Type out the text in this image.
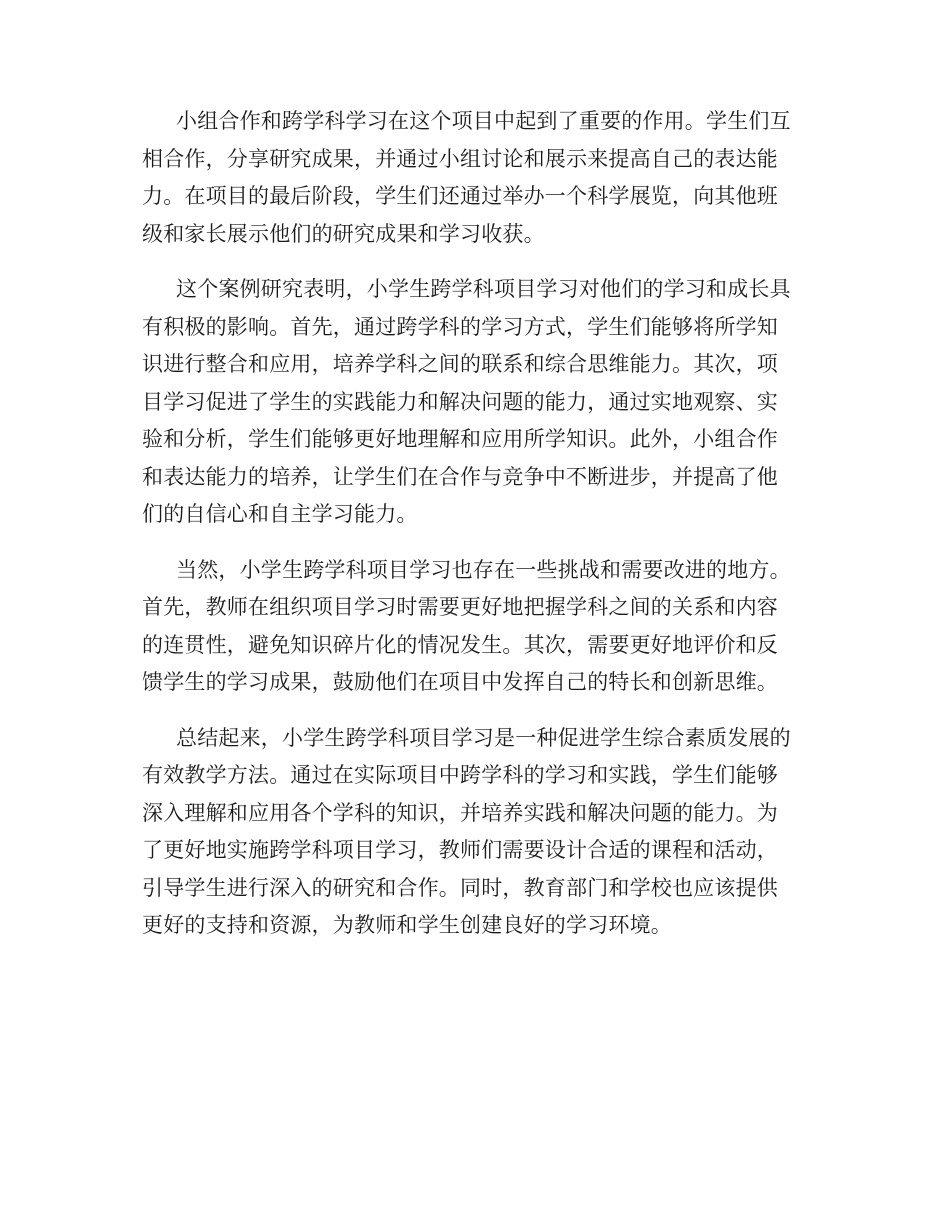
小组合作和跨学科学习在这个项目中起到了重要的作用。学生们互
相合作，分享研究成果，并通过小组讨论和展示来提高自己的表达能
力。在项目的最后阶段，学生们还通过举办一个科学展览，向其他班
级和家长展示他们的研究成果和学习收获。

这个案例研究表明，小学生跨学科项目学习对他们的学习和成长具
有积极的影响。首先，通过跨学科的学习方式，学生们能够将所学知
识进行整合和应用，培养学科之间的联系和综合思维能力。其次，项
目学习促进了学生的实践能力和解决问题的能力，通过实地观察、实
验和分析，学生们能够更好地理解和应用所学知识。此外，小组合作
和表达能力的培养，让学生们在合作与竞争中不断进步，并提高了他
们的自信心和自主学习能力。

当然，小学生跨学科项目学习也存在一些挑战和需要改进的地方。
首先，教师在组织项目学习时需要更好地把握学科之间的关系和内容
的连贯性，避免知识碎片化的情况发生。其次，需要更好地评价和反
馈学生的学习成果，鼓励他们在项目中发挥自己的特长和创新思维。

总结起来，小学生跨学科项目学习是一种促进学生综合素质发展的
有效教学方法。通过在实际项目中跨学科的学习和实践，学生们能够
深入理解和应用各个学科的知识，并培养实践和解决问题的能力。为
了更好地实施跨学科项目学习，教师们需要设计合适的课程和活动，
引导学生进行深入的研究和合作。同时，教育部门和学校也应该提供
更好的支持和资源，为教师和学生创建良好的学习环境。
